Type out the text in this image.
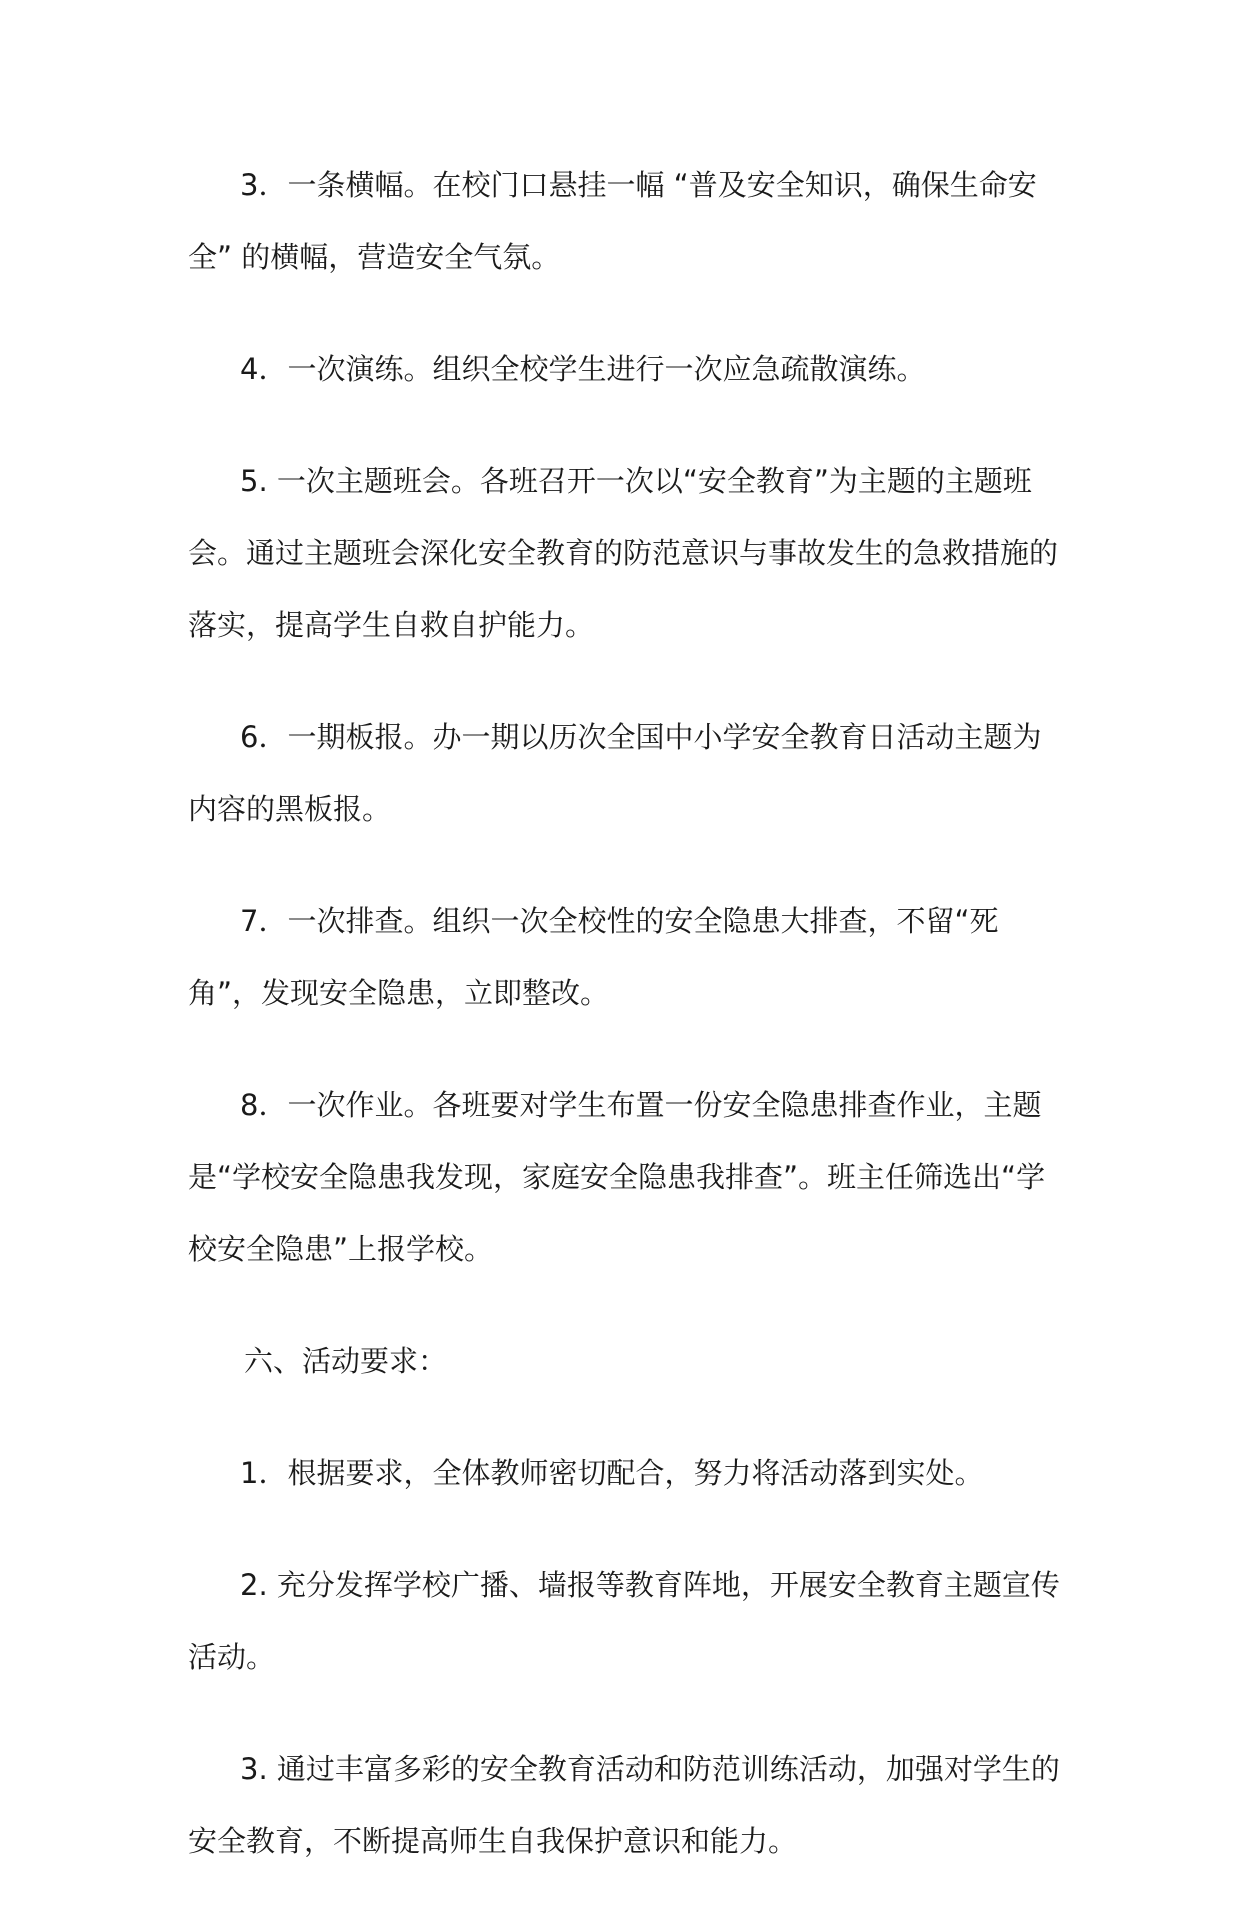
3．一条横幅。在校门口悬挂一幅 “普及安全知识，确保生命安全” 的横幅，营造安全气氛。

4．一次演练。组织全校学生进行一次应急疏散演练。

5. 一次主题班会。各班召开一次以“安全教育”为主题的主题班会。通过主题班会深化安全教育的防范意识与事故发生的急救措施的落实，提高学生自救自护能力。

6．一期板报。办一期以历次全国中小学安全教育日活动主题为内容的黑板报。

7．一次排查。组织一次全校性的安全隐患大排查，不留“死角”，发现安全隐患，立即整改。

8．一次作业。各班要对学生布置一份安全隐患排查作业，主题是“学校安全隐患我发现，家庭安全隐患我排查”。班主任筛选出“学校安全隐患”上报学校。

六、活动要求：

1．根据要求，全体教师密切配合，努力将活动落到实处。

2. 充分发挥学校广播、墙报等教育阵地，开展安全教育主题宣传活动。

3. 通过丰富多彩的安全教育活动和防范训练活动，加强对学生的安全教育，不断提高师生自我保护意识和能力。
